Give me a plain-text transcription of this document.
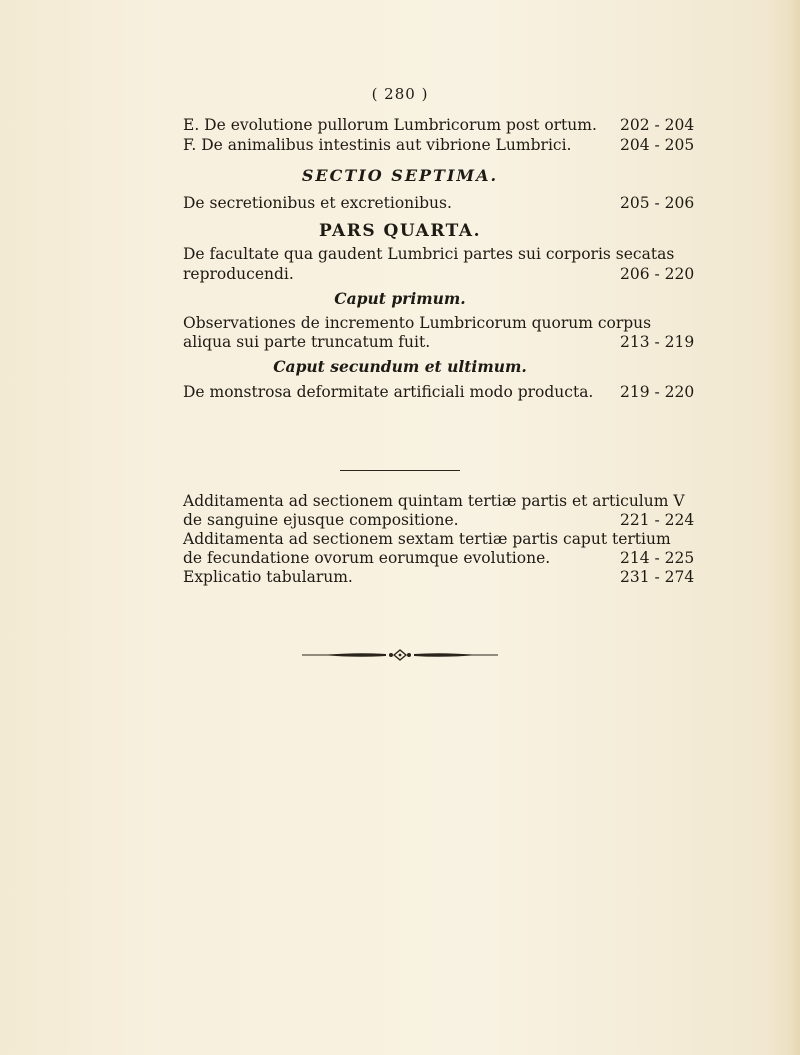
( 280 )
E. De evolutione pullorum Lumbricorum post ortum. 202 - 204
F. De animalibus intestinis aut vibrione Lumbrici.	204 - 205
SECTIO SEPTIMA.
De secretionibus et excretionibus.	205 - 206
PARS QUARTA.
De facultate qua gaudent Lumbrici partes sui corporis secatas
reproducendi.	206 - 220
Caput primum.
Observationes de incremento Lumbricorum quorum corpus
aliqua sui parte truncatum fuit.	213 - 219
Caput secundum et ultimum.
De monstrosa deformitate artificiali modo producta. 219 - 220
Additamenta ad sectionem quintam tertiæ partis et articulum V
de sanguine ejusque compositione.	221 - 224
Additamenta ad sectionem sextam tertiæ partis caput tertium
de fecundatione ovorum eorumque evolutione.	214 - 225
Explicatio tabularum.	231 - 274
